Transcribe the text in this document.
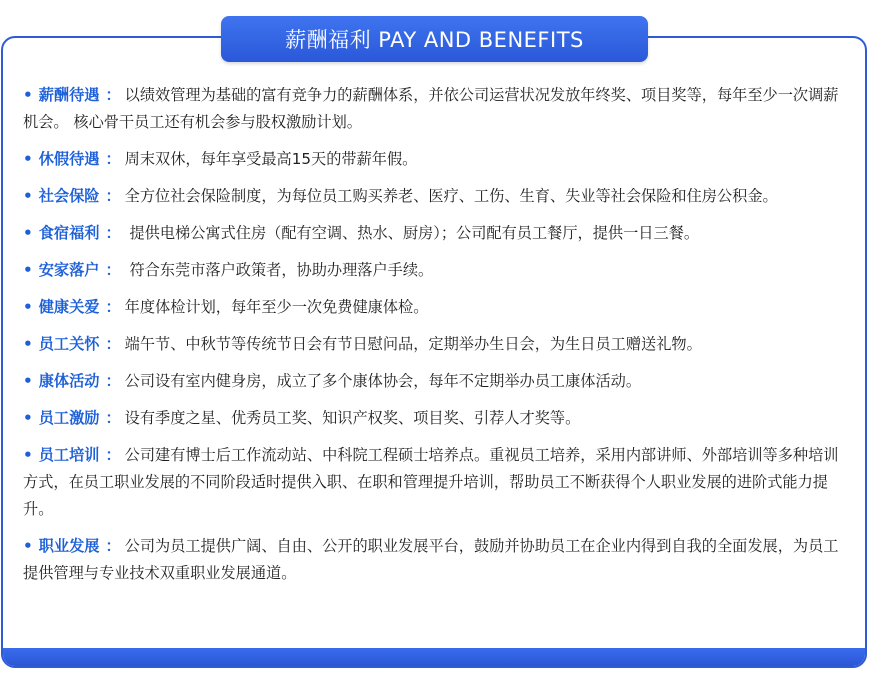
薪酬福利 PAY AND BENEFITS
• 薪酬待遇 ： 以绩效管理为基础的富有竞争力的薪酬体系，并依公司运营状况发放年终奖、项目奖等，每年至少一次调薪机会。 核心骨干员工还有机会参与股权激励计划。
• 休假待遇 ： 周末双休，每年享受最高15天的带薪年假。
• 社会保险 ： 全方位社会保险制度，为每位员工购买养老、医疗、工伤、生育、失业等社会保险和住房公积金。
• 食宿福利 ： 提供电梯公寓式住房（配有空调、热水、厨房）；公司配有员工餐厅，提供一日三餐。
• 安家落户 ： 符合东莞市落户政策者，协助办理落户手续。
• 健康关爱 ： 年度体检计划，每年至少一次免费健康体检。
• 员工关怀 ： 端午节、中秋节等传统节日会有节日慰问品，定期举办生日会，为生日员工赠送礼物。
• 康体活动 ： 公司设有室内健身房，成立了多个康体协会，每年不定期举办员工康体活动。
• 员工激励 ： 设有季度之星、优秀员工奖、知识产权奖、项目奖、引荐人才奖等。
• 员工培训 ： 公司建有博士后工作流动站、中科院工程硕士培养点。重视员工培养，采用内部讲师、外部培训等多种培训方式，在员工职业发展的不同阶段适时提供入职、在职和管理提升培训，帮助员工不断获得个人职业发展的进阶式能力提升。
• 职业发展 ： 公司为员工提供广阔、自由、公开的职业发展平台，鼓励并协助员工在企业内得到自我的全面发展，为员工提供管理与专业技术双重职业发展通道。
